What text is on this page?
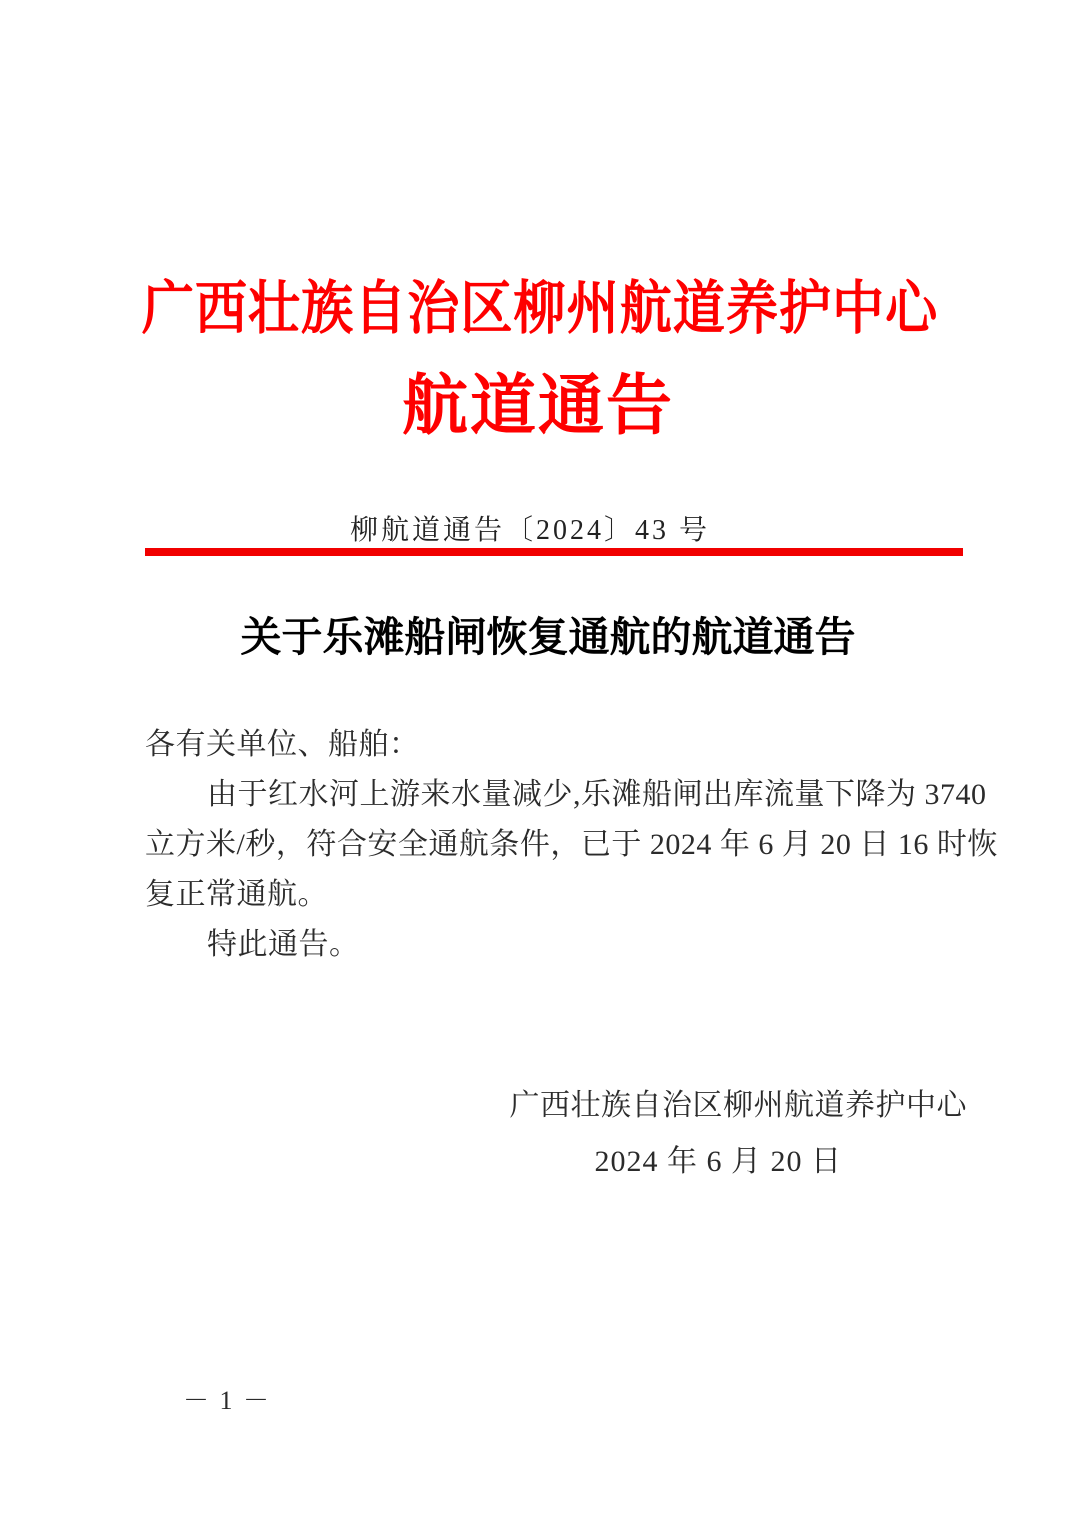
广西壮族自治区柳州航道养护中心
航道通告
柳航道通告〔2024〕43 号
关于乐滩船闸恢复通航的航道通告
各有关单位、船舶：
由于红水河上游来水量减少,乐滩船闸出库流量下降为 3740
立方米/秒，符合安全通航条件，已于 2024 年 6 月 20 日 16 时恢
复正常通航。
特此通告。
广西壮族自治区柳州航道养护中心
2024 年 6 月 20 日
－ 1 －
